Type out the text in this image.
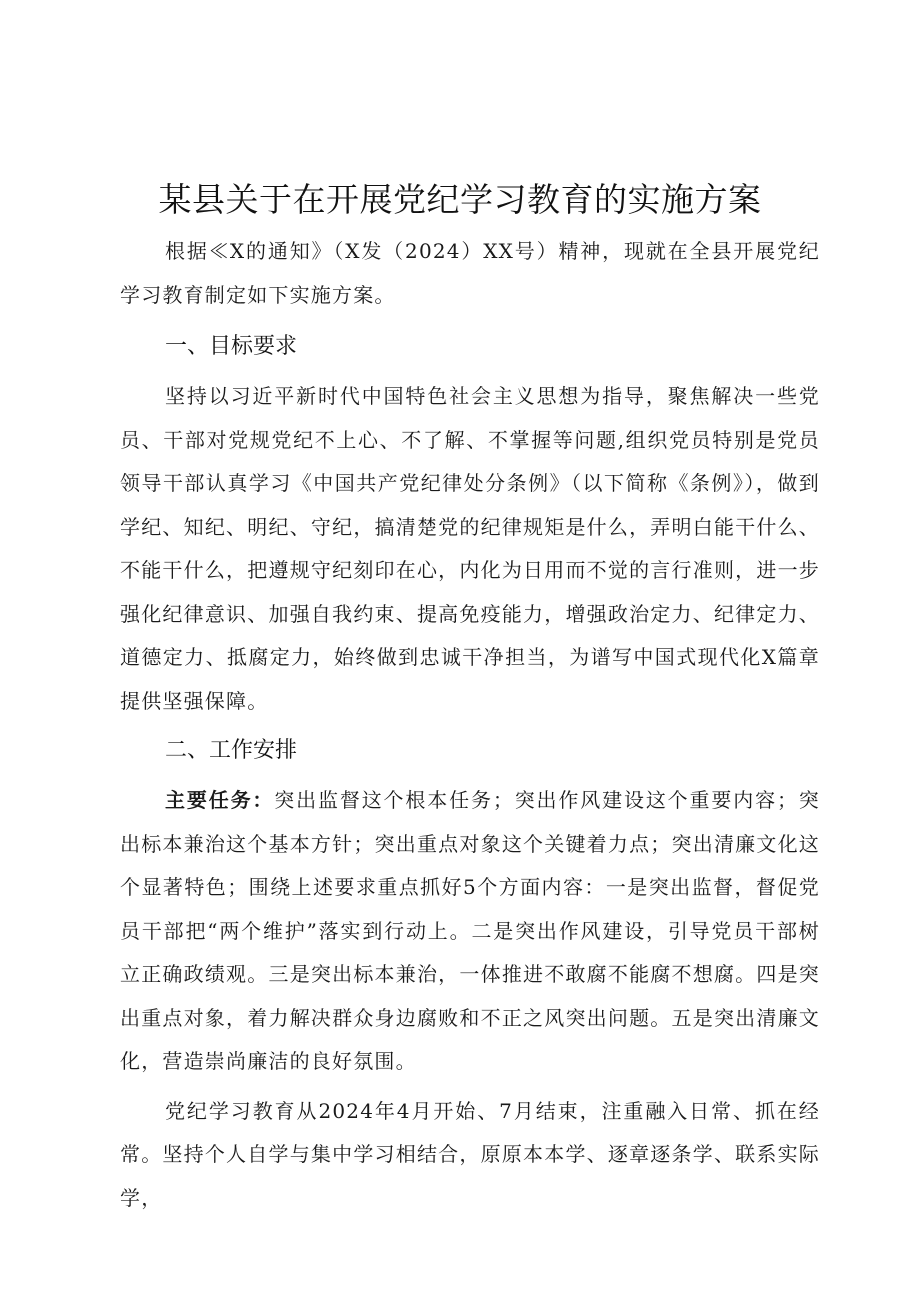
某县关于在开展党纪学习教育的实施方案

根据≪X的通知》（X发（2024）XX号）精神，现就在全县开展党纪学习教育制定如下实施方案。

一、目标要求

坚持以习近平新时代中国特色社会主义思想为指导，聚焦解决一些党员、干部对党规党纪不上心、不了解、不掌握等问题,组织党员特别是党员领导干部认真学习《中国共产党纪律处分条例》（以下简称《条例》），做到学纪、知纪、明纪、守纪，搞清楚党的纪律规矩是什么，弄明白能干什么、不能干什么，把遵规守纪刻印在心，内化为日用而不觉的言行准则，进一步强化纪律意识、加强自我约束、提高免疫能力，增强政治定力、纪律定力、道德定力、抵腐定力，始终做到忠诚干净担当，为谱写中国式现代化X篇章提供坚强保障。

二、工作安排

主要任务：突出监督这个根本任务；突出作风建设这个重要内容；突出标本兼治这个基本方针；突出重点对象这个关键着力点；突出清廉文化这个显著特色；围绕上述要求重点抓好5个方面内容：一是突出监督，督促党员干部把“两个维护”落实到行动上。二是突出作风建设，引导党员干部树立正确政绩观。三是突出标本兼治，一体推进不敢腐不能腐不想腐。四是突出重点对象，着力解决群众身边腐败和不正之风突出问题。五是突出清廉文化，营造崇尚廉洁的良好氛围。

党纪学习教育从2024年4月开始、7月结束，注重融入日常、抓在经常。坚持个人自学与集中学习相结合，原原本本学、逐章逐条学、联系实际学，
